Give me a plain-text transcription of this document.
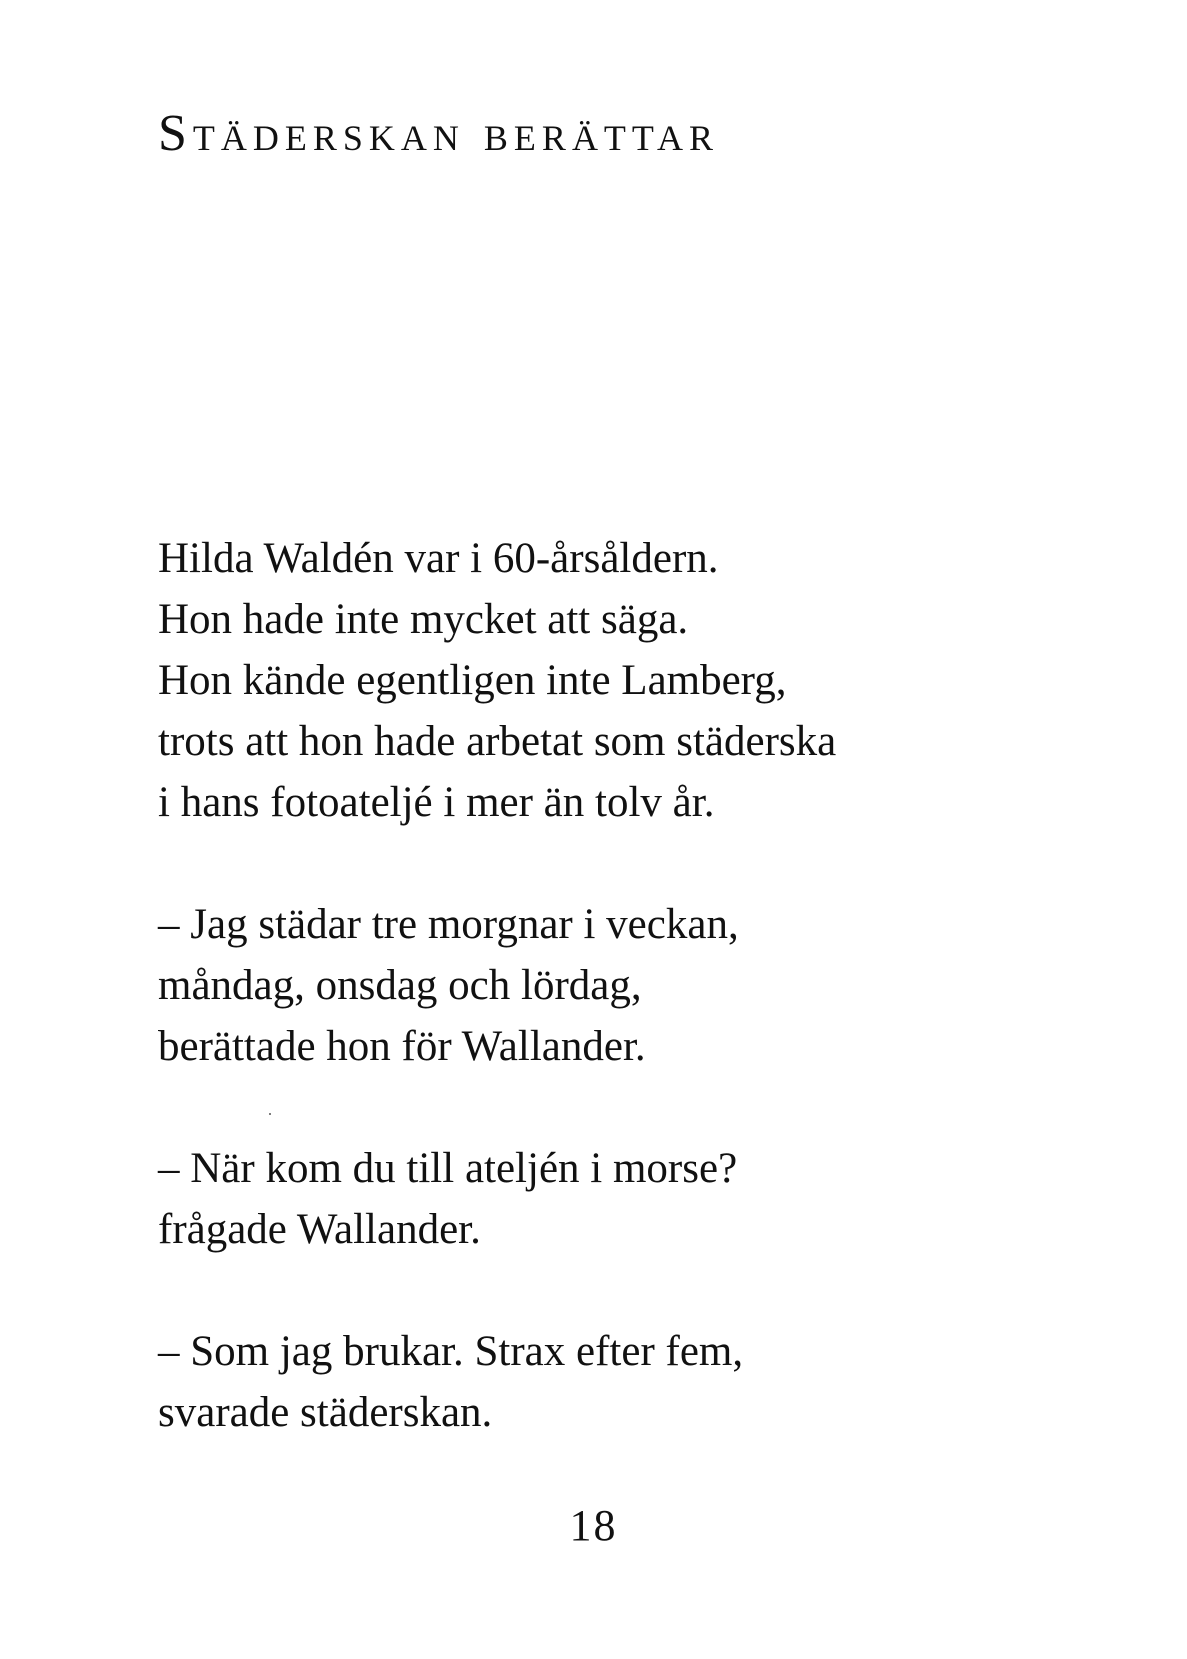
Städerskan berättar

Hilda Waldén var i 60-årsåldern.
Hon hade inte mycket att säga.
Hon kände egentligen inte Lamberg,
trots att hon hade arbetat som städerska
i hans fotoateljé i mer än tolv år.

– Jag städar tre morgnar i veckan,
måndag, onsdag och lördag,
berättade hon för Wallander.

– När kom du till ateljén i morse?
frågade Wallander.

– Som jag brukar. Strax efter fem,
svarade städerskan.

18
